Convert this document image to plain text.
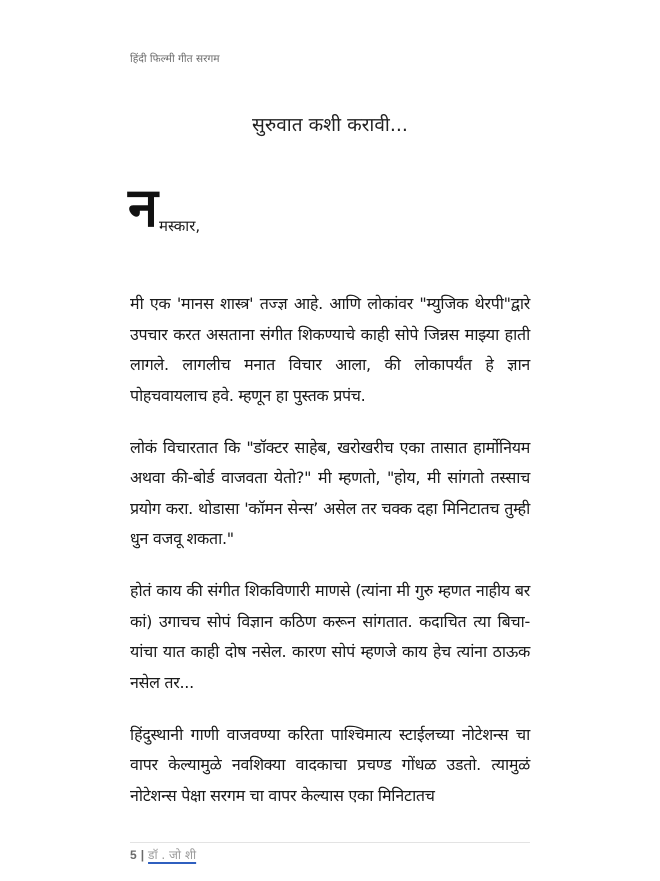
हिंदी फिल्मी गीत सरगम
सुरुवात कशी करावी...
न मस्कार,

मी एक 'मानस शास्त्र' तज्ज्ञ आहे. आणि लोकांवर "म्युजिक थेरपी"द्वारे उपचार करत असताना संगीत शिकण्याचे काही सोपे जिन्नस माझ्या हाती लागले. लागलीच मनात विचार आला, की लोकापर्यंत हे ज्ञान पोहचवायलाच हवे. म्हणून हा पुस्तक प्रपंच.

लोकं विचारतात कि "डॉक्टर साहेब, खरोखरीच एका तासात हार्मोनियम अथवा की-बोर्ड वाजवता येतो?" मी म्हणतो, "होय, मी सांगतो तस्साच प्रयोग करा. थोडासा 'कॉमन सेन्स’ असेल तर चक्क दहा मिनिटातच तुम्ही धुन वजवू शकता."

होतं काय की संगीत शिकविणारी माणसे (त्यांना मी गुरु म्हणत नाहीय बर कां) उगाचच सोपं विज्ञान कठिण करून सांगतात. कदाचित त्या बिचा-यांचा यात काही दोष नसेल. कारण सोपं म्हणजे काय हेच त्यांना ठाऊक नसेल तर...

हिंदुस्थानी गाणी वाजवण्या करिता पाश्चिमात्य स्टाईलच्या नोटेशन्स चा वापर केल्यामुळे नवशिक्या वादकाचा प्रचण्ड गोंधळ उडतो. त्यामुळं नोटेशन्स पेक्षा सरगम चा वापर केल्यास एका मिनिटातच

5 | डॉ . जो शी
